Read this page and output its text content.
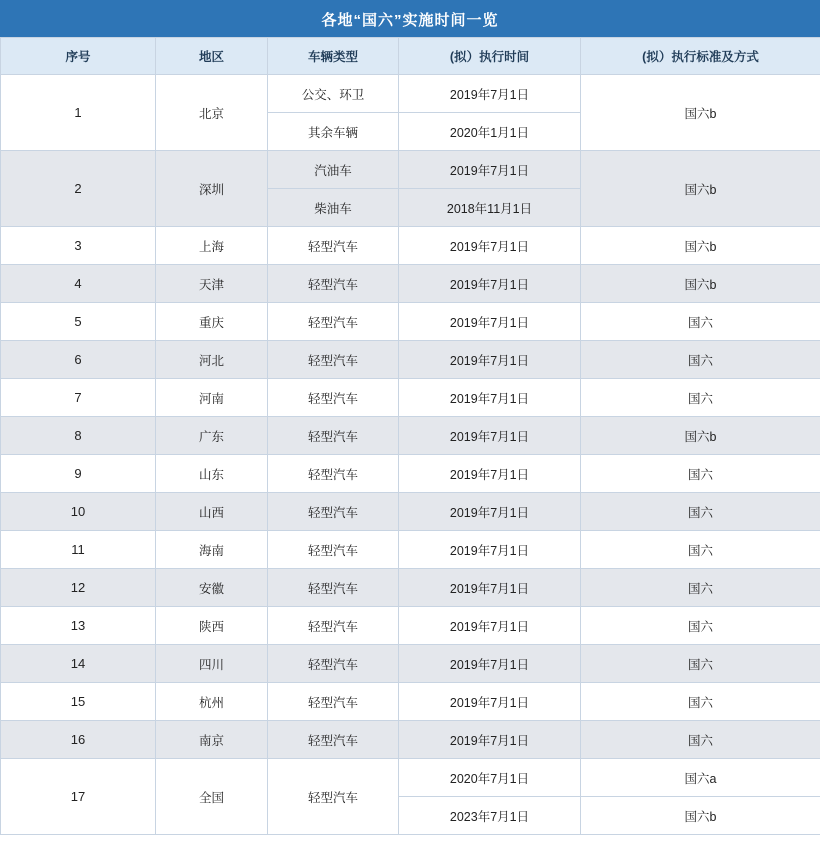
各地“国六”实施时间一览
序号	地区	车辆类型	(拟）执行时间	(拟）执行标准及方式
1	北京	公交、环卫	2019年7月1日	国六b
		其余车辆	2020年1月1日	
2	深圳	汽油车	2019年7月1日	国六b
		柴油车	2018年11月1日	
3	上海	轻型汽车	2019年7月1日	国六b
4	天津	轻型汽车	2019年7月1日	国六b
5	重庆	轻型汽车	2019年7月1日	国六
6	河北	轻型汽车	2019年7月1日	国六
7	河南	轻型汽车	2019年7月1日	国六
8	广东	轻型汽车	2019年7月1日	国六b
9	山东	轻型汽车	2019年7月1日	国六
10	山西	轻型汽车	2019年7月1日	国六
11	海南	轻型汽车	2019年7月1日	国六
12	安徽	轻型汽车	2019年7月1日	国六
13	陕西	轻型汽车	2019年7月1日	国六
14	四川	轻型汽车	2019年7月1日	国六
15	杭州	轻型汽车	2019年7月1日	国六
16	南京	轻型汽车	2019年7月1日	国六
17	全国	轻型汽车	2020年7月1日	国六a
			2023年7月1日	国六b
